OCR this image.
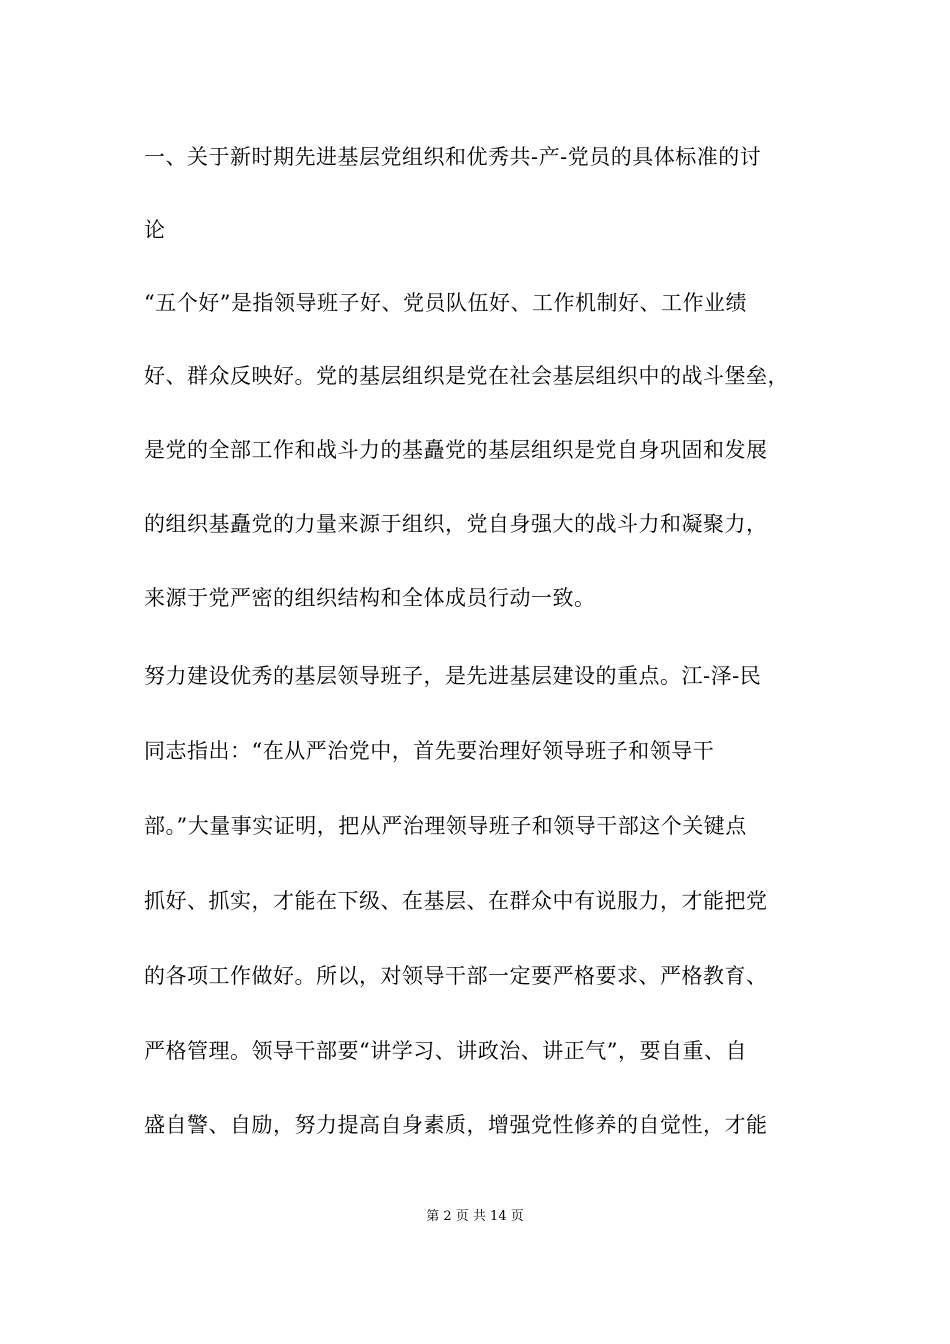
一、关于新时期先进基层党组织和优秀共-产-党员的具体标准的讨
论
“五个好”是指领导班子好、党员队伍好、工作机制好、工作业绩
好、群众反映好。党的基层组织是党在社会基层组织中的战斗堡垒，
是党的全部工作和战斗力的基矗党的基层组织是党自身巩固和发展
的组织基矗党的力量来源于组织，党自身强大的战斗力和凝聚力，
来源于党严密的组织结构和全体成员行动一致。
努力建设优秀的基层领导班子，是先进基层建设的重点。江-泽-民
同志指出：“在从严治党中，首先要治理好领导班子和领导干
部。”大量事实证明，把从严治理领导班子和领导干部这个关键点
抓好、抓实，才能在下级、在基层、在群众中有说服力，才能把党
的各项工作做好。所以，对领导干部一定要严格要求、严格教育、
严格管理。领导干部要“讲学习、讲政治、讲正气”，要自重、自
盛自警、自励，努力提高自身素质，增强党性修养的自觉性，才能
第 2 页 共 14 页
